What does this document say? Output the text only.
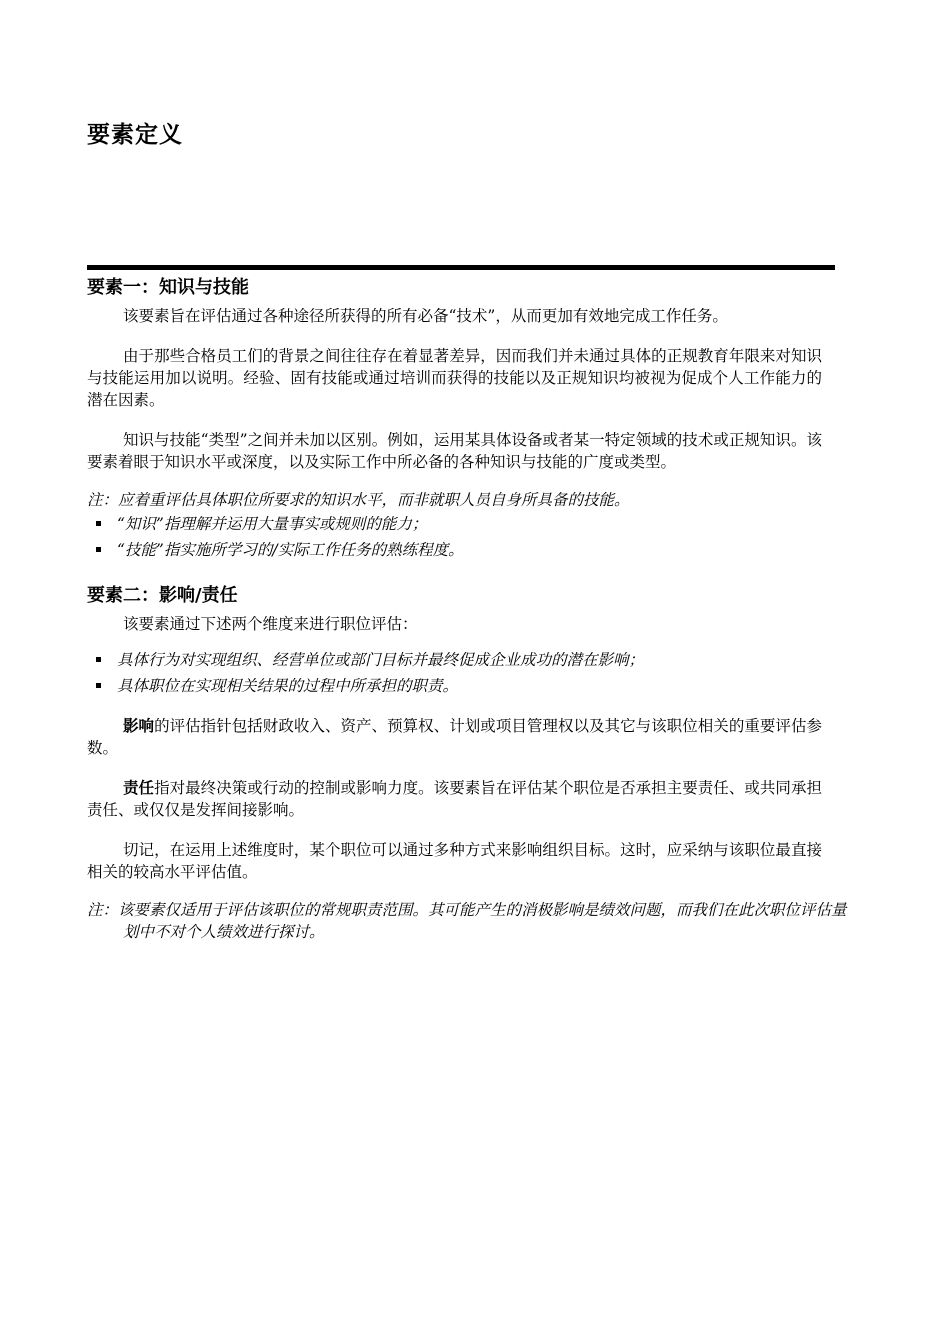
要素定义
要素一：知识与技能

该要素旨在评估通过各种途径所获得的所有必备“技术”，从而更加有效地完成工作任务。

由于那些合格员工们的背景之间往往存在着显著差异，因而我们并未通过具体的正规教育年限来对知识与技能运用加以说明。经验、固有技能或通过培训而获得的技能以及正规知识均被视为促成个人工作能力的潜在因素。

知识与技能“类型”之间并未加以区别。例如，运用某具体设备或者某一特定领域的技术或正规知识。该要素着眼于知识水平或深度，以及实际工作中所必备的各种知识与技能的广度或类型。

注：应着重评估具体职位所要求的知识水平，而非就职人员自身所具备的技能。

“知识”指理解并运用大量事实或规则的能力；
“技能”指实施所学习的/实际工作任务的熟练程度。
要素二：影响/责任

该要素通过下述两个维度来进行职位评估：

具体行为对实现组织、经营单位或部门目标并最终促成企业成功的潜在影响；
具体职位在实现相关结果的过程中所承担的职责。

影响的评估指针包括财政收入、资产、预算权、计划或项目管理权以及其它与该职位相关的重要评估参数。

责任指对最终决策或行动的控制或影响力度。该要素旨在评估某个职位是否承担主要责任、或共同承担责任、或仅仅是发挥间接影响。

切记，在运用上述维度时，某个职位可以通过多种方式来影响组织目标。这时，应采纳与该职位最直接相关的较高水平评估值。

注：该要素仅适用于评估该职位的常规职责范围。其可能产生的消极影响是绩效问题，而我们在此次职位评估量划中不对个人绩效进行探讨。
